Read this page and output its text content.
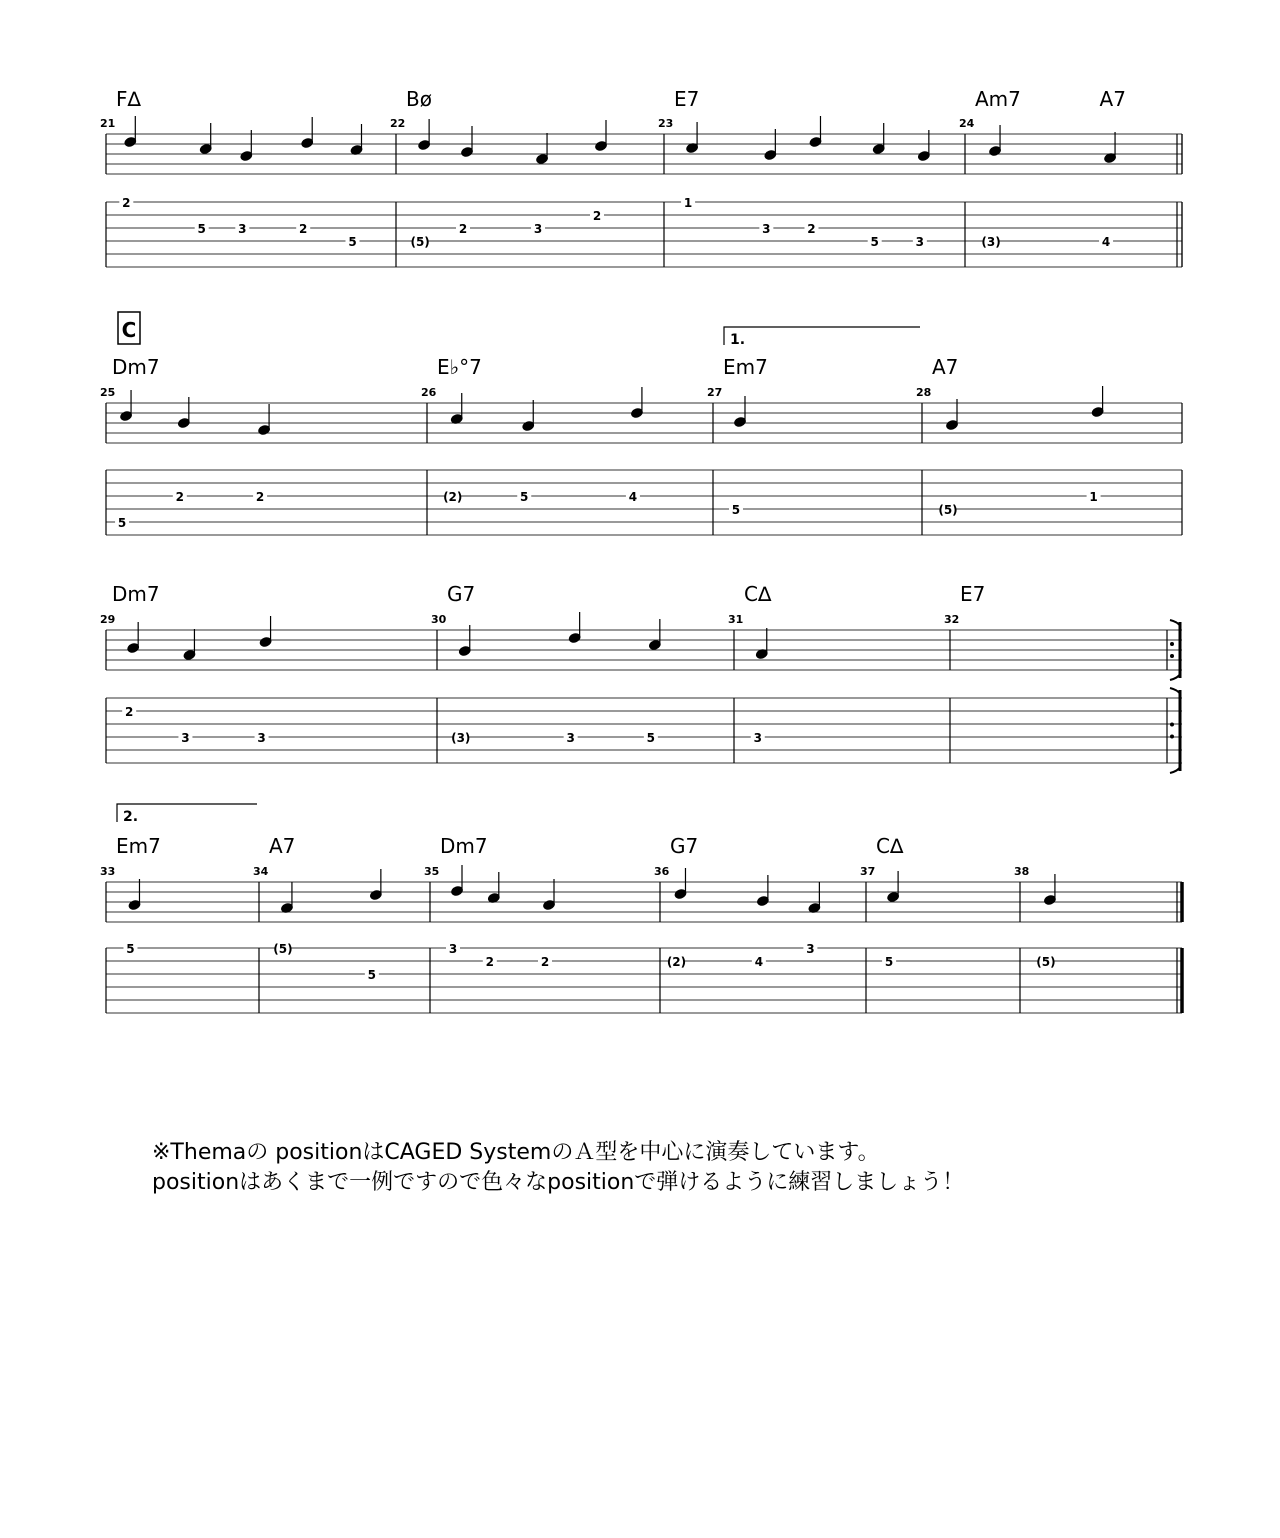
21
F∆
2
5	3	2
5
22
Bø
(5)
2	3
2
23
E7
1
3	2
5	3
24
Am7	A7
(3)	4
C	1.
25
Dm7
5
2	2
26
E♭°7
(2)	5	4
27
Em7
5
28
A7
(5)
1
29
Dm7
2
3	3
30
G7
(3)	3	5
31
C∆
3
32
E7
2.
33
Em7
5
34
A7
(5)
5
35
Dm7
3
2	2
36
G7
(2)	4
3
37
C∆
5
38
(5)
※Themaの positionはCAGED SystemのＡ型を中心に演奏しています。
positionはあくまで一例ですので色々なpositionで弾けるように練習しましょう！
